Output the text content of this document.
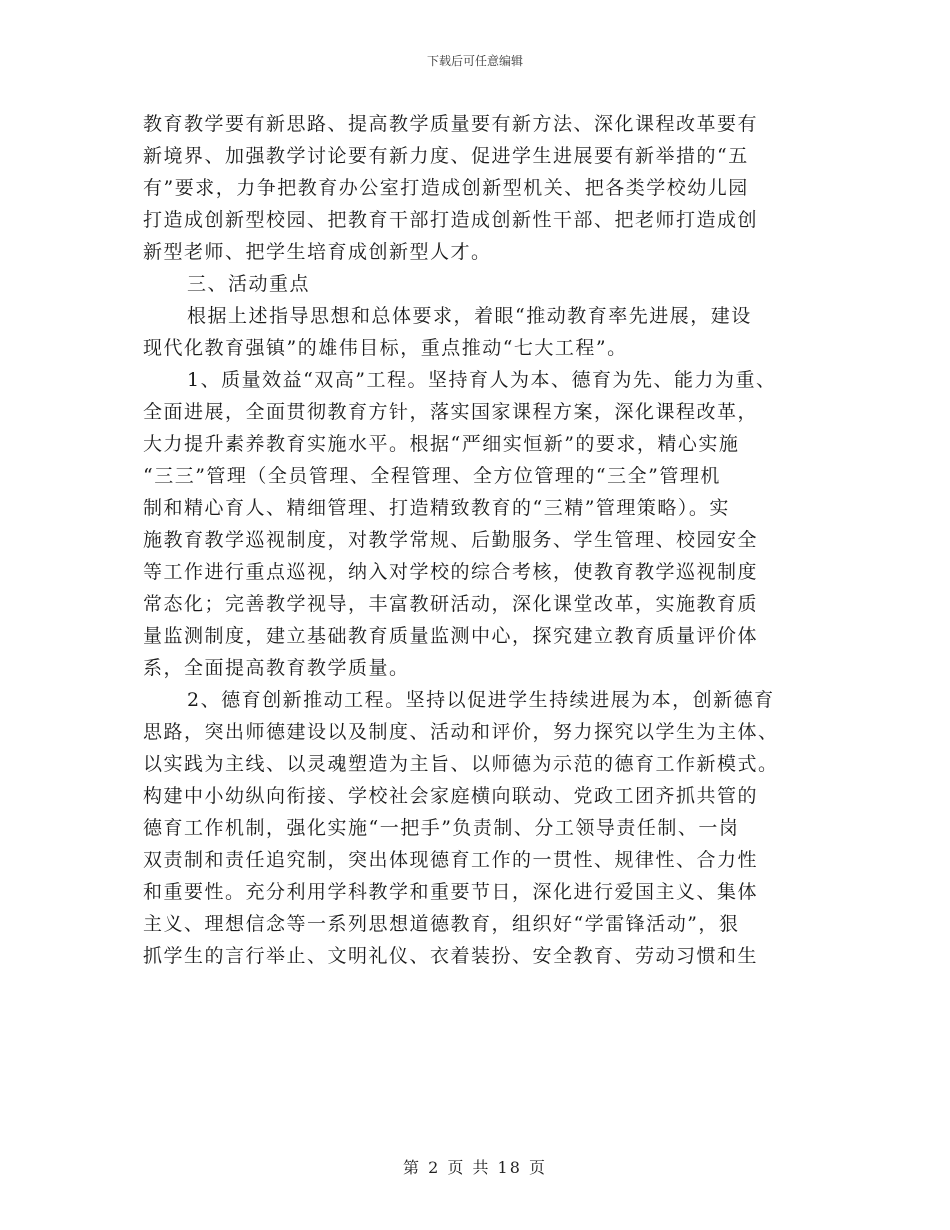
下载后可任意编辑
教育教学要有新思路、提高教学质量要有新方法、深化课程改革要有
新境界、加强教学讨论要有新力度、促进学生进展要有新举措的“五
有”要求，力争把教育办公室打造成创新型机关、把各类学校幼儿园
打造成创新型校园、把教育干部打造成创新性干部、把老师打造成创
新型老师、把学生培育成创新型人才。
三、活动重点
根据上述指导思想和总体要求，着眼“推动教育率先进展，建设
现代化教育强镇”的雄伟目标，重点推动“七大工程”。
1、质量效益“双高”工程。坚持育人为本、德育为先、能力为重、
全面进展，全面贯彻教育方针，落实国家课程方案，深化课程改革，
大力提升素养教育实施水平。根据“严细实恒新”的要求，精心实施
“三三”管理（全员管理、全程管理、全方位管理的“三全”管理机
制和精心育人、精细管理、打造精致教育的“三精”管理策略）。实
施教育教学巡视制度，对教学常规、后勤服务、学生管理、校园安全
等工作进行重点巡视，纳入对学校的综合考核，使教育教学巡视制度
常态化；完善教学视导，丰富教研活动，深化课堂改革，实施教育质
量监测制度，建立基础教育质量监测中心，探究建立教育质量评价体
系，全面提高教育教学质量。
2、德育创新推动工程。坚持以促进学生持续进展为本，创新德育
思路，突出师德建设以及制度、活动和评价，努力探究以学生为主体、
以实践为主线、以灵魂塑造为主旨、以师德为示范的德育工作新模式。
构建中小幼纵向衔接、学校社会家庭横向联动、党政工团齐抓共管的
德育工作机制，强化实施“一把手”负责制、分工领导责任制、一岗
双责制和责任追究制，突出体现德育工作的一贯性、规律性、合力性
和重要性。充分利用学科教学和重要节日，深化进行爱国主义、集体
主义、理想信念等一系列思想道德教育，组织好“学雷锋活动”，狠
抓学生的言行举止、文明礼仪、衣着装扮、安全教育、劳动习惯和生
第 2 页 共 18 页
